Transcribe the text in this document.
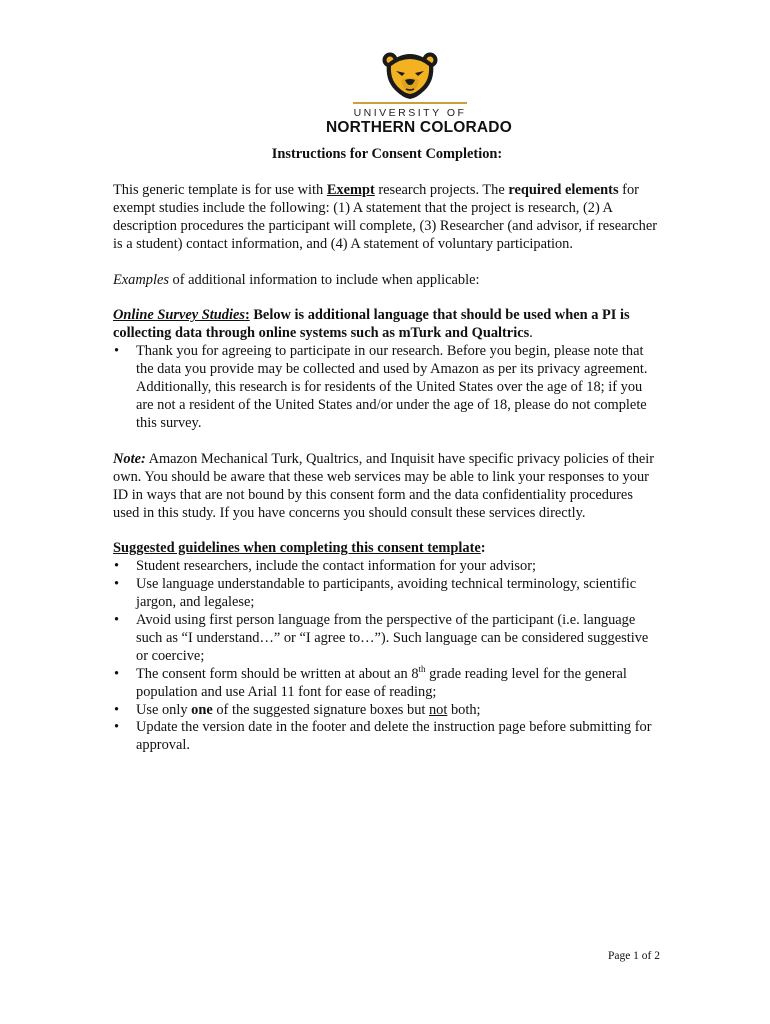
UNIVERSITY OF
NORTHERN COLORADO

Instructions for Consent Completion:

This generic template is for use with Exempt research projects. The required elements for exempt studies include the following: (1) A statement that the project is research, (2) A description procedures the participant will complete, (3) Researcher (and advisor, if researcher is a student) contact information, and (4) A statement of voluntary participation.

Examples of additional information to include when applicable:

Online Survey Studies: Below is additional language that should be used when a PI is collecting data through online systems such as mTurk and Qualtrics.

• Thank you for agreeing to participate in our research. Before you begin, please note that the data you provide may be collected and used by Amazon as per its privacy agreement. Additionally, this research is for residents of the United States over the age of 18; if you are not a resident of the United States and/or under the age of 18, please do not complete this survey.

Note: Amazon Mechanical Turk, Qualtrics, and Inquisit have specific privacy policies of their own. You should be aware that these web services may be able to link your responses to your ID in ways that are not bound by this consent form and the data confidentiality procedures used in this study. If you have concerns you should consult these services directly.

Suggested guidelines when completing this consent template:

• Student researchers, include the contact information for your advisor;
• Use language understandable to participants, avoiding technical terminology, scientific jargon, and legalese;
• Avoid using first person language from the perspective of the participant (i.e. language such as “I understand…” or “I agree to…”). Such language can be considered suggestive or coercive;
• The consent form should be written at about an 8th grade reading level for the general population and use Arial 11 font for ease of reading;
• Use only one of the suggested signature boxes but not both;
• Update the version date in the footer and delete the instruction page before submitting for approval.
Page 1 of 2
